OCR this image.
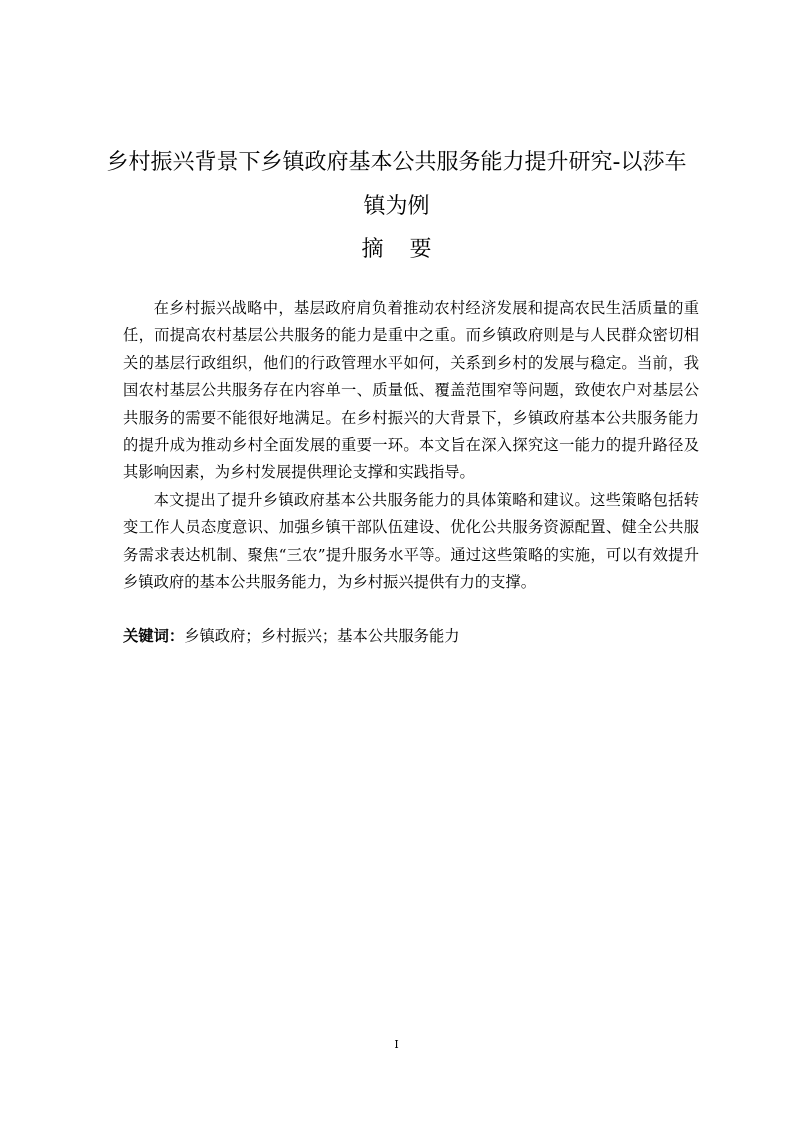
乡村振兴背景下乡镇政府基本公共服务能力提升研究-以莎车
镇为例
摘 要

在乡村振兴战略中，基层政府肩负着推动农村经济发展和提高农民生活质量的重任，而提高农村基层公共服务的能力是重中之重。而乡镇政府则是与人民群众密切相关的基层行政组织，他们的行政管理水平如何，关系到乡村的发展与稳定。当前，我国农村基层公共服务存在内容单一、质量低、覆盖范围窄等问题，致使农户对基层公共服务的需要不能很好地满足。在乡村振兴的大背景下，乡镇政府基本公共服务能力的提升成为推动乡村全面发展的重要一环。本文旨在深入探究这一能力的提升路径及其影响因素，为乡村发展提供理论支撑和实践指导。

本文提出了提升乡镇政府基本公共服务能力的具体策略和建议。这些策略包括转变工作人员态度意识、加强乡镇干部队伍建设、优化公共服务资源配置、健全公共服务需求表达机制、聚焦“三农”提升服务水平等。通过这些策略的实施，可以有效提升乡镇政府的基本公共服务能力，为乡村振兴提供有力的支撑。

关键词：乡镇政府；乡村振兴；基本公共服务能力
I
